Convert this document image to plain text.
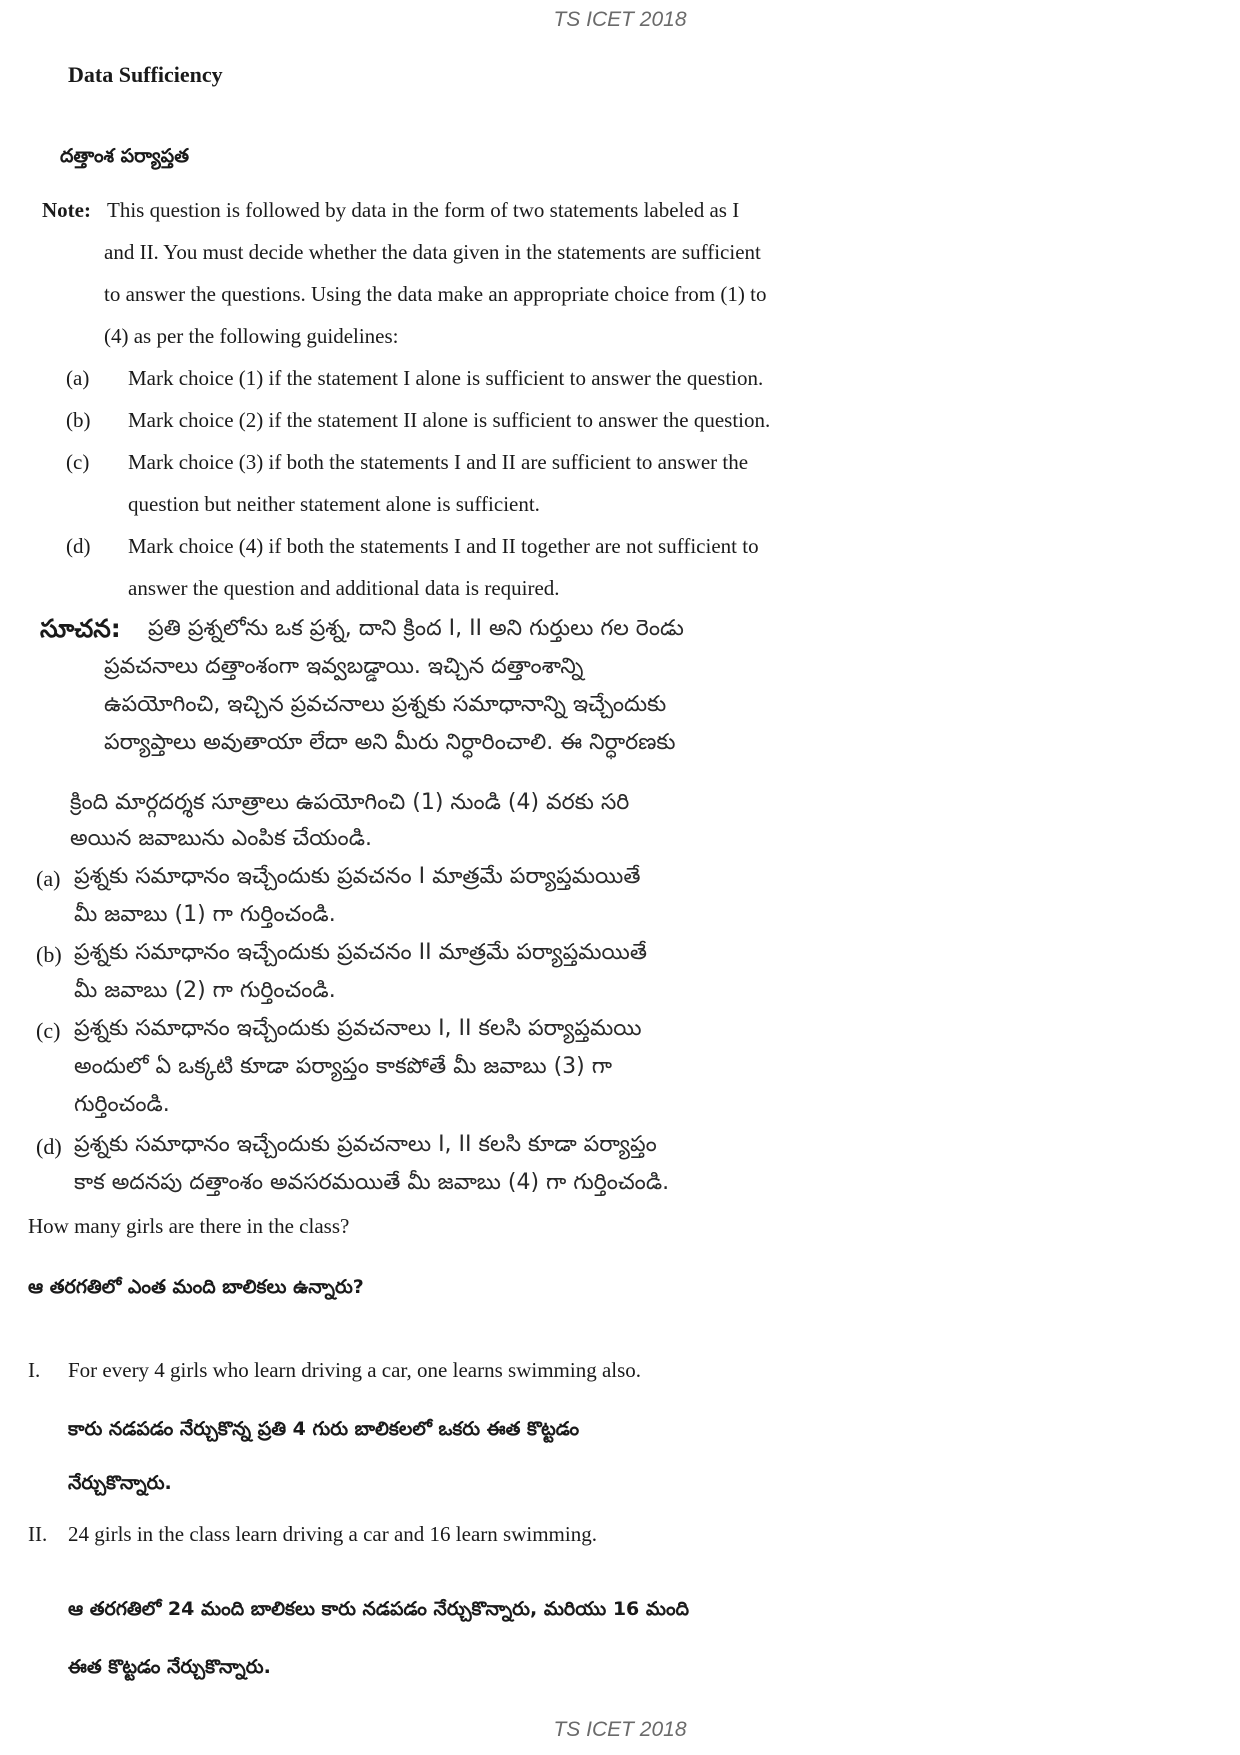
TS ICET 2018
TS ICET 2018
Data Sufficiency
దత్తాంశ పర్యాప్తత
Note: This question is followed by data in the form of two statements labeled as I
and II. You must decide whether the data given in the statements are sufficient
to answer the questions. Using the data make an appropriate choice from (1) to
(4) as per the following guidelines:
(a) Mark choice (1) if the statement I alone is sufficient to answer the question.
(b) Mark choice (2) if the statement II alone is sufficient to answer the question.
(c) Mark choice (3) if both the statements I and II are sufficient to answer the
question but neither statement alone is sufficient.
(d) Mark choice (4) if both the statements I and II together are not sufficient to
answer the question and additional data is required.
సూచన: ప్రతి ప్రశ్నలోను ఒక ప్రశ్న, దాని క్రింద I, II అని గుర్తులు గల రెండు
ప్రవచనాలు దత్తాంశంగా ఇవ్వబడ్డాయి. ఇచ్చిన దత్తాంశాన్ని
ఉపయోగించి, ఇచ్చిన ప్రవచనాలు ప్రశ్నకు సమాధానాన్ని ఇచ్చేందుకు
పర్యాప్తాలు అవుతాయా లేదా అని మీరు నిర్ధారించాలి. ఈ నిర్ధారణకు
క్రింది మార్గదర్శక సూత్రాలు ఉపయోగించి (1) నుండి (4) వరకు సరి
అయిన జవాబును ఎంపిక చేయండి.
(a) ప్రశ్నకు సమాధానం ఇచ్చేందుకు ప్రవచనం I మాత్రమే పర్యాప్తమయితే
మీ జవాబు (1) గా గుర్తించండి.
(b) ప్రశ్నకు సమాధానం ఇచ్చేందుకు ప్రవచనం II మాత్రమే పర్యాప్తమయితే
మీ జవాబు (2) గా గుర్తించండి.
(c) ప్రశ్నకు సమాధానం ఇచ్చేందుకు ప్రవచనాలు I, II కలసి పర్యాప్తమయి
అందులో ఏ ఒక్కటి కూడా పర్యాప్తం కాకపోతే మీ జవాబు (3) గా
గుర్తించండి.
(d) ప్రశ్నకు సమాధానం ఇచ్చేందుకు ప్రవచనాలు I, II కలసి కూడా పర్యాప్తం
కాక అదనపు దత్తాంశం అవసరమయితే మీ జవాబు (4) గా గుర్తించండి.
How many girls are there in the class?
ఆ తరగతిలో ఎంత మంది బాలికలు ఉన్నారు?
I. For every 4 girls who learn driving a car, one learns swimming also.
కారు నడపడం నేర్చుకొన్న ప్రతి 4 గురు బాలికలలో ఒకరు ఈత కొట్టడం
నేర్చుకొన్నారు.
II. 24 girls in the class learn driving a car and 16 learn swimming.
ఆ తరగతిలో 24 మంది బాలికలు కారు నడపడం నేర్చుకొన్నారు, మరియు 16 మంది
ఈత కొట్టడం నేర్చుకొన్నారు.
